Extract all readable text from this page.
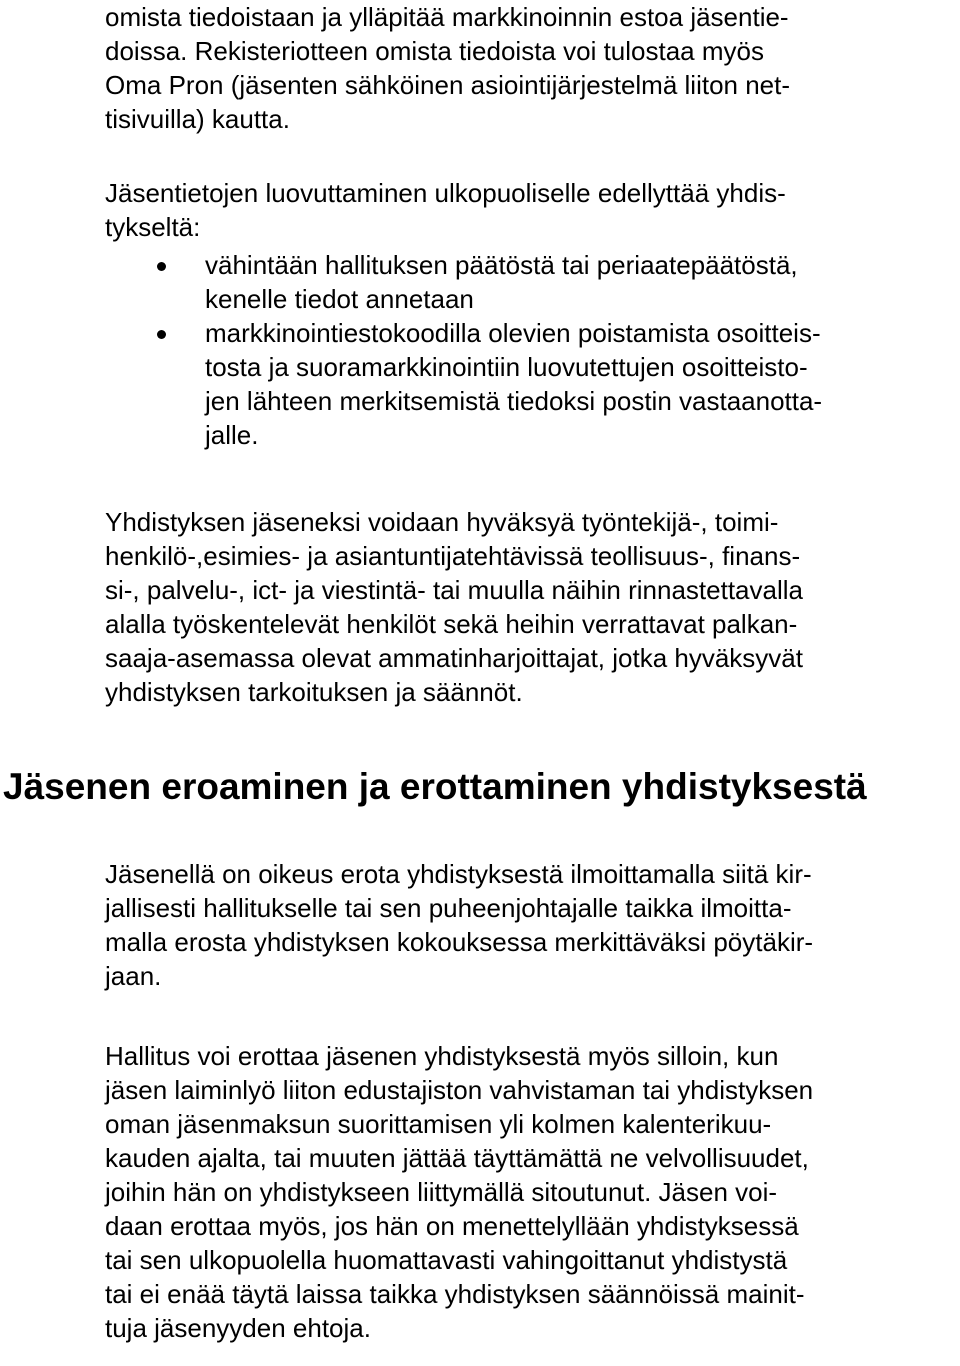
omista tiedoistaan ja ylläpitää markkinoinnin estoa jäsentie-
doissa. Rekisteriotteen omista tiedoista voi tulostaa myös
Oma Pron (jäsenten sähköinen asiointijärjestelmä liiton net-
tisivuilla) kautta.

Jäsentietojen luovuttaminen ulkopuoliselle edellyttää yhdis-
tykseltä:

vähintään hallituksen päätöstä tai periaatepäätöstä,
kenelle tiedot annetaan
markkinointiestokoodilla olevien poistamista osoitteis-
tosta ja suoramarkkinointiin luovutettujen osoitteisto-
jen lähteen merkitsemistä tiedoksi postin vastaanotta-
jalle.

Yhdistyksen jäseneksi voidaan hyväksyä työntekijä-, toimi-
henkilö-,esimies- ja asiantuntijatehtävissä teollisuus-, finans-
si-, palvelu-, ict- ja viestintä- tai muulla näihin rinnastettavalla
alalla työskentelevät henkilöt sekä heihin verrattavat palkan-
saaja-asemassa olevat ammatinharjoittajat, jotka hyväksyvät
yhdistyksen tarkoituksen ja säännöt.

Jäsenen eroaminen ja erottaminen yhdistyksestä

Jäsenellä on oikeus erota yhdistyksestä ilmoittamalla siitä kir-
jallisesti hallitukselle tai sen puheenjohtajalle taikka ilmoitta-
malla erosta yhdistyksen kokouksessa merkittäväksi pöytäkir-
jaan.

Hallitus voi erottaa jäsenen yhdistyksestä myös silloin, kun
jäsen laiminlyö liiton edustajiston vahvistaman tai yhdistyksen
oman jäsenmaksun suorittamisen yli kolmen kalenterikuu-
kauden ajalta, tai muuten jättää täyttämättä ne velvollisuudet,
joihin hän on yhdistykseen liittymällä sitoutunut. Jäsen voi-
daan erottaa myös, jos hän on menettelyllään yhdistyksessä
tai sen ulkopuolella huomattavasti vahingoittanut yhdistystä
tai ei enää täytä laissa taikka yhdistyksen säännöissä mainit-
tuja jäsenyyden ehtoja.
